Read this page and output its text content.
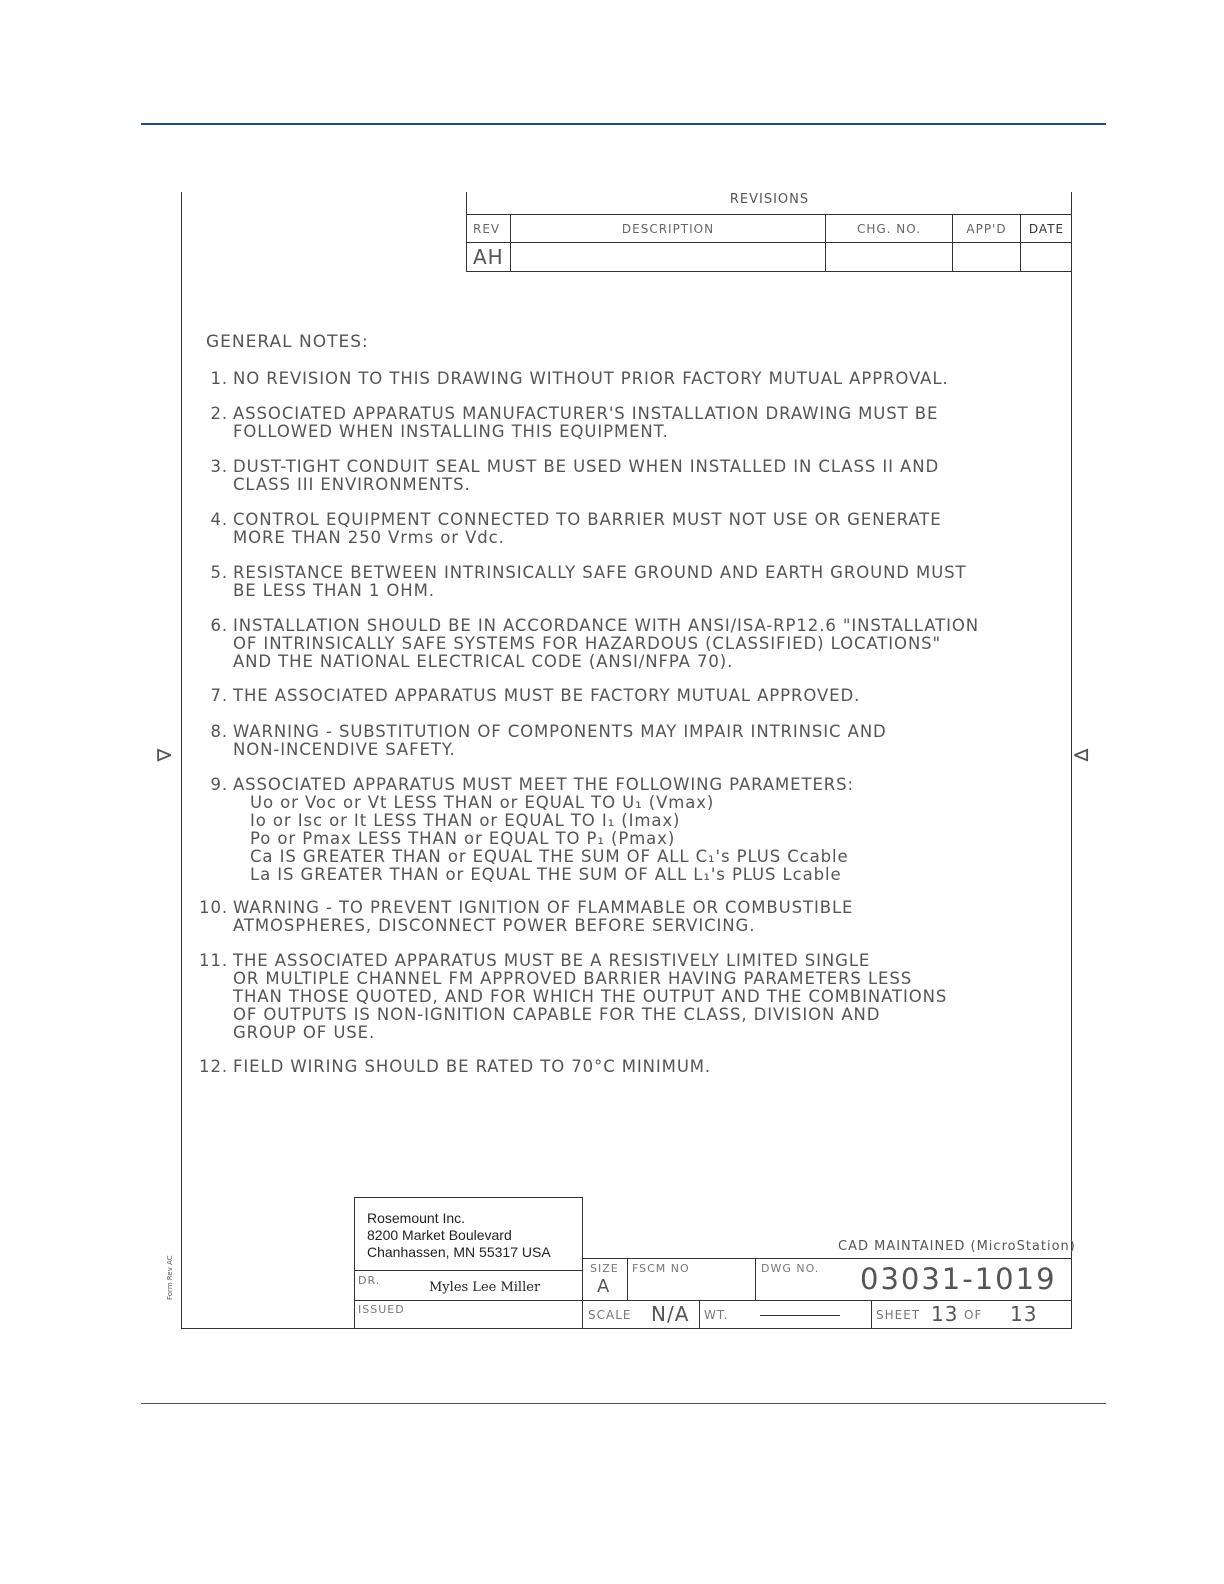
REVISIONS
REV	DESCRIPTION	CHG. NO.	APP'D	DATE
AH
GENERAL NOTES:
1. NO REVISION TO THIS DRAWING WITHOUT PRIOR FACTORY MUTUAL APPROVAL.
2. ASSOCIATED APPARATUS MANUFACTURER'S INSTALLATION DRAWING MUST BE
FOLLOWED WHEN INSTALLING THIS EQUIPMENT.
3. DUST-TIGHT CONDUIT SEAL MUST BE USED WHEN INSTALLED IN CLASS II AND
CLASS III ENVIRONMENTS.
4. CONTROL EQUIPMENT CONNECTED TO BARRIER MUST NOT USE OR GENERATE
MORE THAN 250 Vrms or Vdc.
5. RESISTANCE BETWEEN INTRINSICALLY SAFE GROUND AND EARTH GROUND MUST
BE LESS THAN 1 OHM.
6. INSTALLATION SHOULD BE IN ACCORDANCE WITH ANSI/ISA-RP12.6 "INSTALLATION
OF INTRINSICALLY SAFE SYSTEMS FOR HAZARDOUS (CLASSIFIED) LOCATIONS"
AND THE NATIONAL ELECTRICAL CODE (ANSI/NFPA 70).
7. THE ASSOCIATED APPARATUS MUST BE FACTORY MUTUAL APPROVED.
8. WARNING - SUBSTITUTION OF COMPONENTS MAY IMPAIR INTRINSIC AND
NON-INCENDIVE SAFETY.
9. ASSOCIATED APPARATUS MUST MEET THE FOLLOWING PARAMETERS:
Uo or Voc or Vt LESS THAN or EQUAL TO U₁ (Vmax)
Io or Isc or It LESS THAN or EQUAL TO I₁ (Imax)
Po or Pmax LESS THAN or EQUAL TO P₁ (Pmax)
Ca IS GREATER THAN or EQUAL THE SUM OF ALL C₁'s PLUS Ccable
La IS GREATER THAN or EQUAL THE SUM OF ALL L₁'s PLUS Lcable
10. WARNING - TO PREVENT IGNITION OF FLAMMABLE OR COMBUSTIBLE
ATMOSPHERES, DISCONNECT POWER BEFORE SERVICING.
11. THE ASSOCIATED APPARATUS MUST BE A RESISTIVELY LIMITED SINGLE
OR MULTIPLE CHANNEL FM APPROVED BARRIER HAVING PARAMETERS LESS
THAN THOSE QUOTED, AND FOR WHICH THE OUTPUT AND THE COMBINATIONS
OF OUTPUTS IS NON-IGNITION CAPABLE FOR THE CLASS, DIVISION AND
GROUP OF USE.
12. FIELD WIRING SHOULD BE RATED TO 70°C MINIMUM.
⊳	⊲
Rosemount Inc.
8200 Market Boulevard
Chanhassen, MN 55317 USA
DR.	Myles Lee Miller
ISSUED
CAD MAINTAINED (MicroStation)
SIZE
A
FSCM NO	DWG NO. 03031-1019
SCALE N/A WT.	SHEET 13 OF 13
Form Rev AC
